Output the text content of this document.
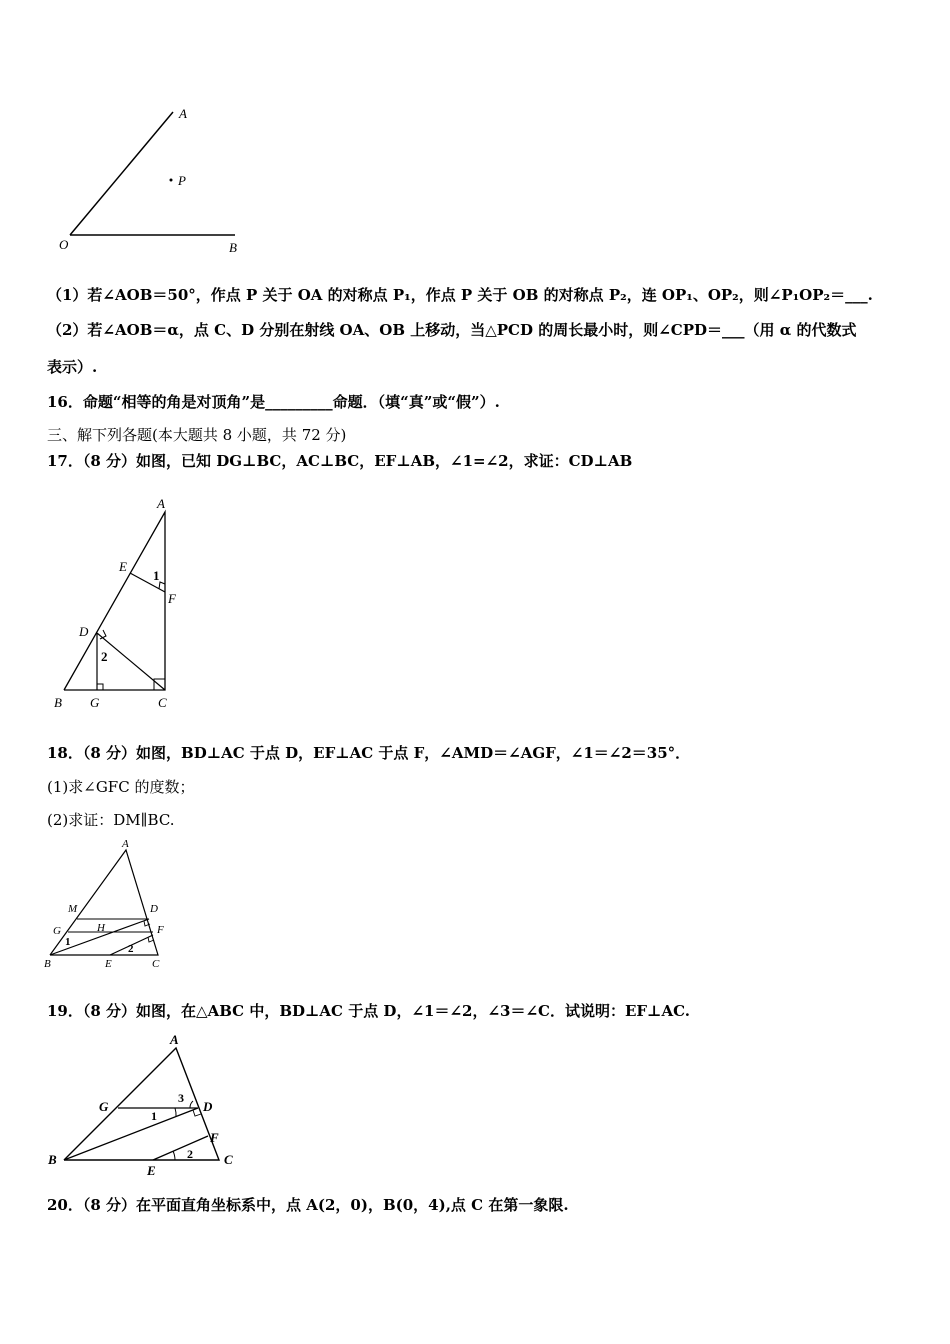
A
P
O	B
（1）若∠AOB＝50°，作点 P 关于 OA 的对称点 P₁，作点 P 关于 OB 的对称点 P₂，连 OP₁、OP₂，则∠P₁OP₂＝___.
（2）若∠AOB＝α，点 C、D 分别在射线 OA、OB 上移动，当△PCD 的周长最小时，则∠CPD＝___（用 α 的代数式
表示）.
16．命题“相等的角是对顶角”是_________命题．（填“真”或“假”）.
三、解下列各题(本大题共 8 小题，共 72 分)
17．（8 分）如图，已知 DG⊥BC，AC⊥BC，EF⊥AB，∠1=∠2，求证：CD⊥AB
A
E
1
F
D
2
B G	C
18．（8 分）如图，BD⊥AC 于点 D，EF⊥AC 于点 F，∠AMD＝∠AGF，∠1＝∠2＝35°．
(1)求∠GFC 的度数；
(2)求证：DM∥BC.
A
M	D
G	H	F
1
2
B	E	C
19．（8 分）如图，在△ABC 中，BD⊥AC 于点 D，∠1＝∠2，∠3＝∠C．试说明：EF⊥AC.
A
G
1
3
D
F
B
E
2 C
20．（8 分）在平面直角坐标系中，点 A(2，0)，B(0，4),点 C 在第一象限.
